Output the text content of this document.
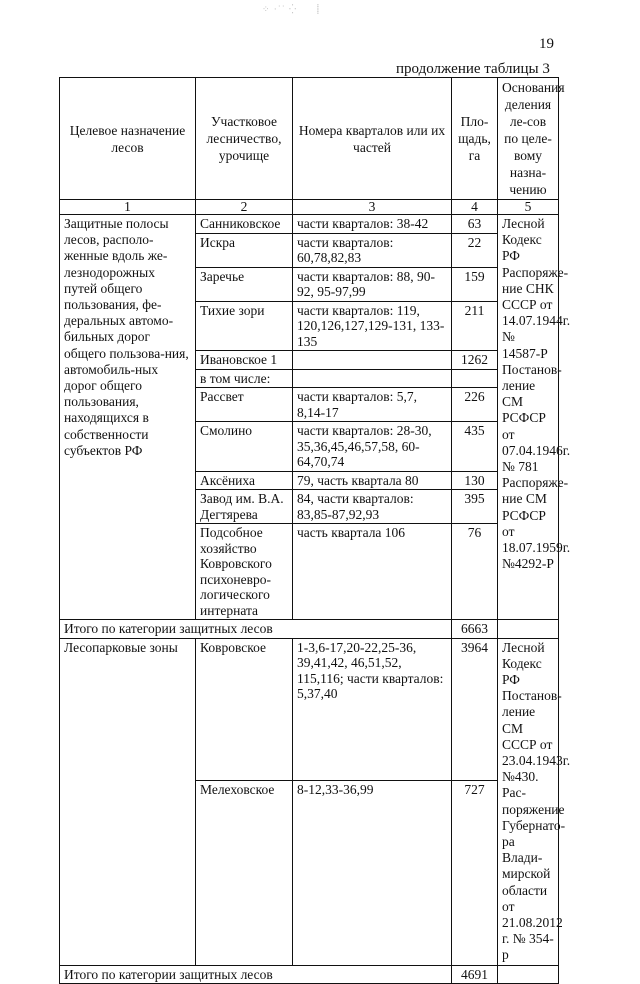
⁘ ·˙˙ ⁛      ⸽
19
продолжение таблицы 3
Целевое назначение лесов	Участковое лесничество, урочище	Номера кварталов или их частей	Пло-щадь, га	Основания деления ле-сов по целе-вому назна-чению
1	2	3	4	5
Защитные полосы лесов, располо-женные вдоль же-лезнодорожных путей общего пользования, фе-деральных автомо-бильных дорог общего пользова-ния, автомобиль-ных дорог общего пользования, находящихся в собственности субъектов РФ	Санниковское	части кварталов: 38-42	63	Лесной Кодекс РФ Распоряже-ние СНК СССР от 14.07.1944г. № 14587-Р Постанов-ление СМ РСФСР от 07.04.1946г. № 781 Распоряже-ние СМ РСФСР от 18.07.1959г. №4292-Р
	Искра	части кварталов: 60,78,82,83	22	
	Заречье	части кварталов: 88, 90-92, 95-97,99	159	
	Тихие зори	части кварталов: 119, 120,126,127,129-131, 133-135	211	
	Ивановское 1		1262	
	в том числе:			
	Рассвет	части кварталов: 5,7, 8,14-17	226	
	Смолино	части кварталов: 28-30, 35,36,45,46,57,58, 60-64,70,74	435	
	Аксёниха	79, часть квартала 80	130	
	Завод им. В.А. Дегтярева	84, части кварталов: 83,85-87,92,93	395	
	Подсобное хозяйство Ковровского психоневро-логического интерната	часть квартала 106	76	
Итого по категории защитных лесов			6663	
Лесопарковые зоны	Ковровское	1-3,6-17,20-22,25-36, 39,41,42, 46,51,52, 115,116; части кварталов: 5,37,40	3964	Лесной Кодекс РФ Постанов-ление СМ СССР от 23.04.1943г. №430. Рас-поряжение Губернато-ра Влади-мирской области от 21.08.2012 г. № 354-р
	Мелеховское	8-12,33-36,99	727	
Итого по категории защитных лесов			4691	
